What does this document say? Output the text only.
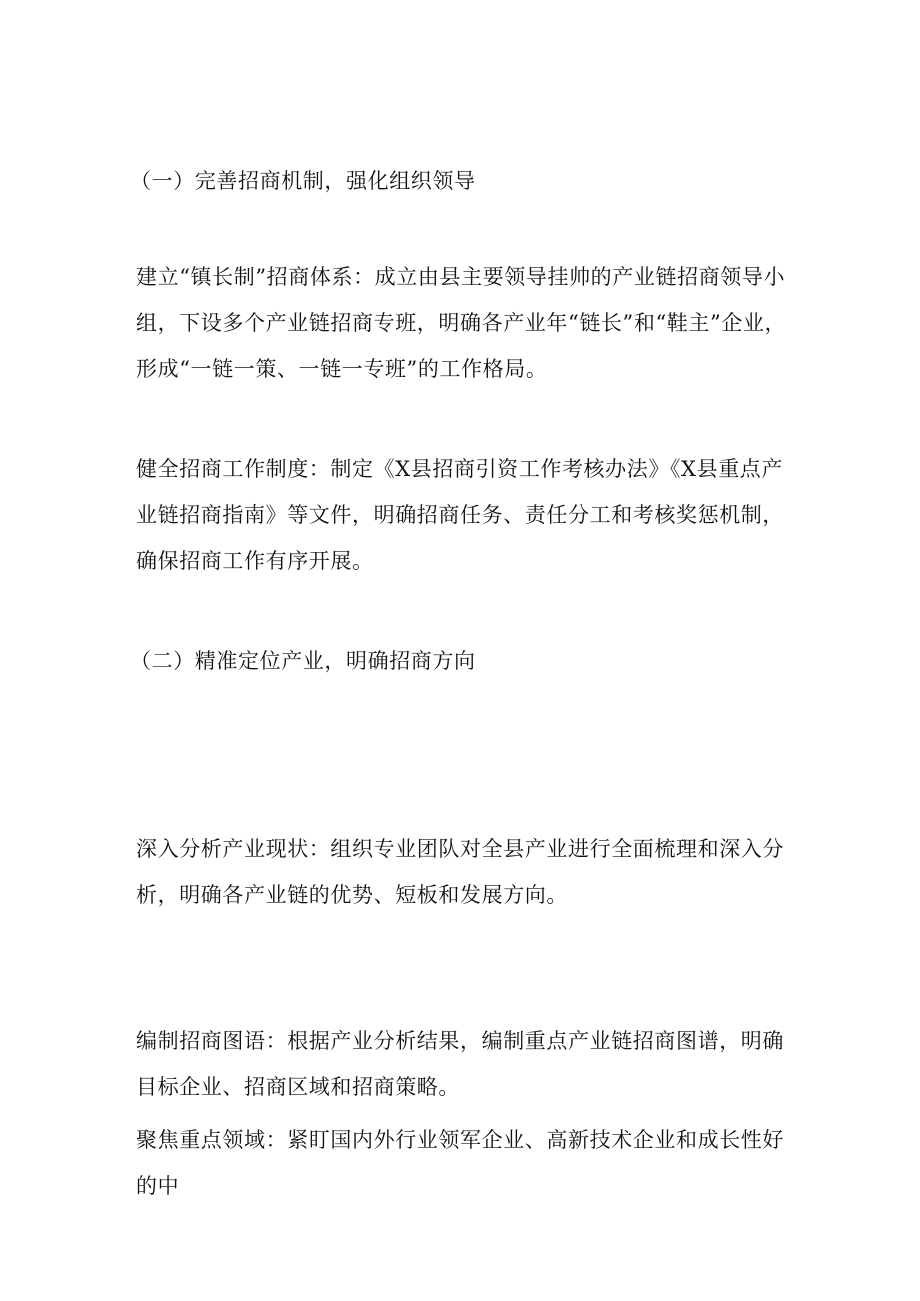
（一）完善招商机制，强化组织领导

建立“镇长制”招商体系：成立由县主要领导挂帅的产业链招商领导小组，下设多个产业链招商专班，明确各产业年“链长”和“鞋主”企业，形成“一链一策、一链一专班”的工作格局。

健全招商工作制度：制定《X县招商引资工作考核办法》《X县重点产业链招商指南》等文件，明确招商任务、责任分工和考核奖惩机制，确保招商工作有序开展。

（二）精准定位产业，明确招商方向

深入分析产业现状：组织专业团队对全县产业进行全面梳理和深入分析，明确各产业链的优势、短板和发展方向。

编制招商图语：根据产业分析结果，编制重点产业链招商图谱，明确目标企业、招商区域和招商策略。

聚焦重点领域：紧盯国内外行业领军企业、高新技术企业和成长性好的中
